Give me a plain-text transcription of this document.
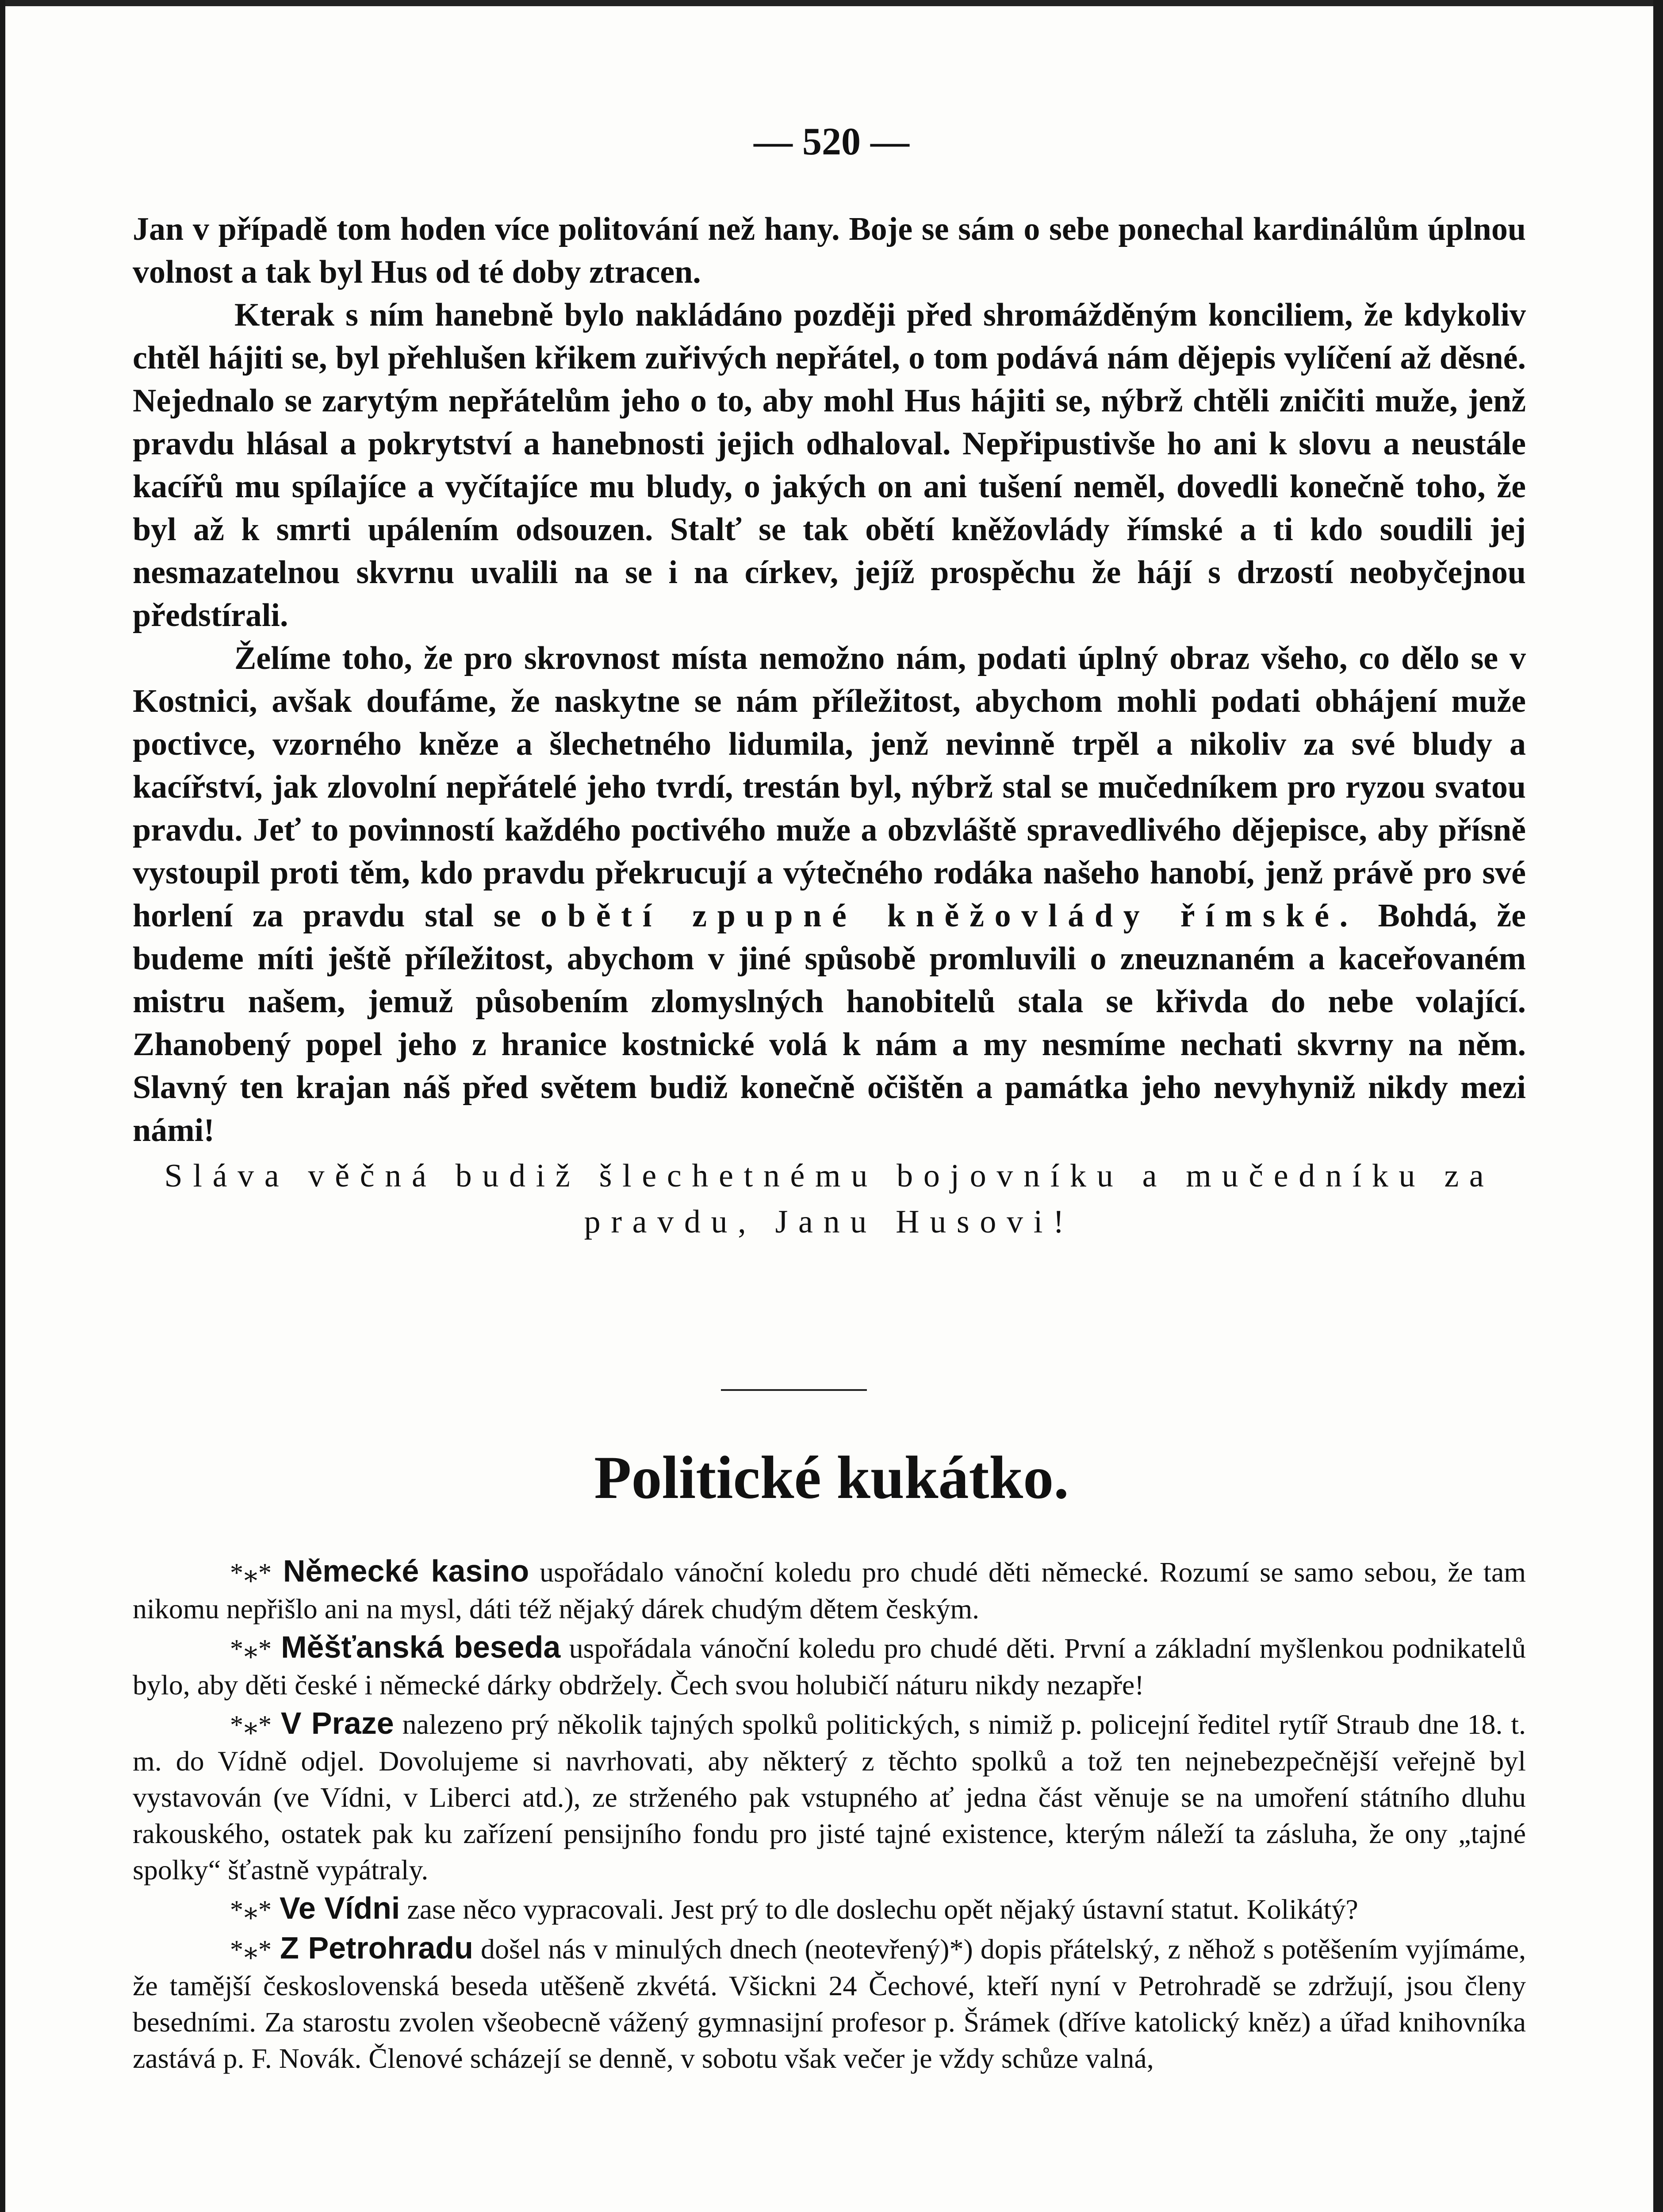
— 520 —

Jan v případě tom hoden více politování než hany. Boje se sám o sebe ponechal kardinálům úplnou volnost a tak byl Hus od té doby ztracen.

Kterak s ním hanebně bylo nakládáno později před shromážděným konciliem, že kdykoliv chtěl hájiti se, byl přehlušen křikem zuřivých nepřátel, o tom podává nám dějepis vylíčení až děsné. Nejednalo se zarytým nepřátelům jeho o to, aby mohl Hus hájiti se, nýbrž chtěli zničiti muže, jenž pravdu hlásal a pokrytství a hanebnosti jejich odhaloval. Nepřipustivše ho ani k slovu a neustále kacířů mu spílajíce a vyčítajíce mu bludy, o jakých on ani tušení neměl, dovedli konečně toho, že byl až k smrti upálením odsouzen. Stalť se tak obětí kněžovlády římské a ti kdo soudili jej nesmazatelnou skvrnu uvalili na se i na církev, jejíž prospěchu že hájí s drzostí neobyčejnou předstírali.

Želíme toho, že pro skrovnost místa nemožno nám, podati úplný obraz všeho, co dělo se v Kostnici, avšak doufáme, že naskytne se nám příležitost, abychom mohli podati obhájení muže poctivce, vzorného kněze a šlechetného lidumila, jenž nevinně trpěl a nikoliv za své bludy a kacířství, jak zlovolní nepřátelé jeho tvrdí, trestán byl, nýbrž stal se mučedníkem pro ryzou svatou pravdu. Jeť to povinností každého poctivého muže a obzvláště spravedlivého dějepisce, aby přísně vystoupil proti těm, kdo pravdu překrucují a výtečného rodáka našeho hanobí, jenž právě pro své horlení za pravdu stal se obětí zpupné kněžovlády římské. Bohdá, že budeme míti ještě příležitost, abychom v jiné spůsobě promluvili o zneuznaném a kaceřovaném mistru našem, jemuž působením zlomyslných hanobitelů stala se křivda do nebe volající. Zhanobený popel jeho z hranice kostnické volá k nám a my nesmíme nechati skvrny na něm. Slavný ten krajan náš před světem budiž konečně očištěn a památka jeho nevyhyniž nikdy mezi námi!

Sláva věčná budiž šlechetnému bojovníku a mučedníku za
pravdu, Janu Husovi!
Politické kukátko.

*⁎* Německé kasino uspořádalo vánoční koledu pro chudé děti německé. Rozumí se samo sebou, že tam nikomu nepřišlo ani na mysl, dáti též nějaký dárek chudým dětem českým.

*⁎* Měšťanská beseda uspořádala vánoční koledu pro chudé děti. První a základní myšlenkou podnikatelů bylo, aby děti české i německé dárky obdržely. Čech svou holubičí náturu nikdy nezapře!

*⁎* V Praze nalezeno prý několik tajných spolků politických, s nimiž p. policejní ředitel rytíř Straub dne 18. t. m. do Vídně odjel. Dovolujeme si navrhovati, aby některý z těchto spolků a tož ten nejnebezpečnější veřejně byl vystavován (ve Vídni, v Liberci atd.), ze strženého pak vstupného ať jedna část věnuje se na umoření státního dluhu rakouského, ostatek pak ku zařízení pensijního fondu pro jisté tajné existence, kterým náleží ta zásluha, že ony „tajné spolky“ šťastně vypátraly.

*⁎* Ve Vídni zase něco vypracovali. Jest prý to dle doslechu opět nějaký ústavní statut. Kolikátý?

*⁎* Z Petrohradu došel nás v minulých dnech (neotevřený)*) dopis přátelský, z něhož s potěšením vyjímáme, že tamější československá beseda utěšeně zkvétá. Všickni 24 Čechové, kteří nyní v Petrohradě se zdržují, jsou členy besedními. Za starostu zvolen všeobecně vážený gymnasijní profesor p. Šrámek (dříve katolický kněz) a úřad knihovníka zastává p. F. Novák. Členové scházejí se denně, v sobotu však večer je vždy schůze valná,
